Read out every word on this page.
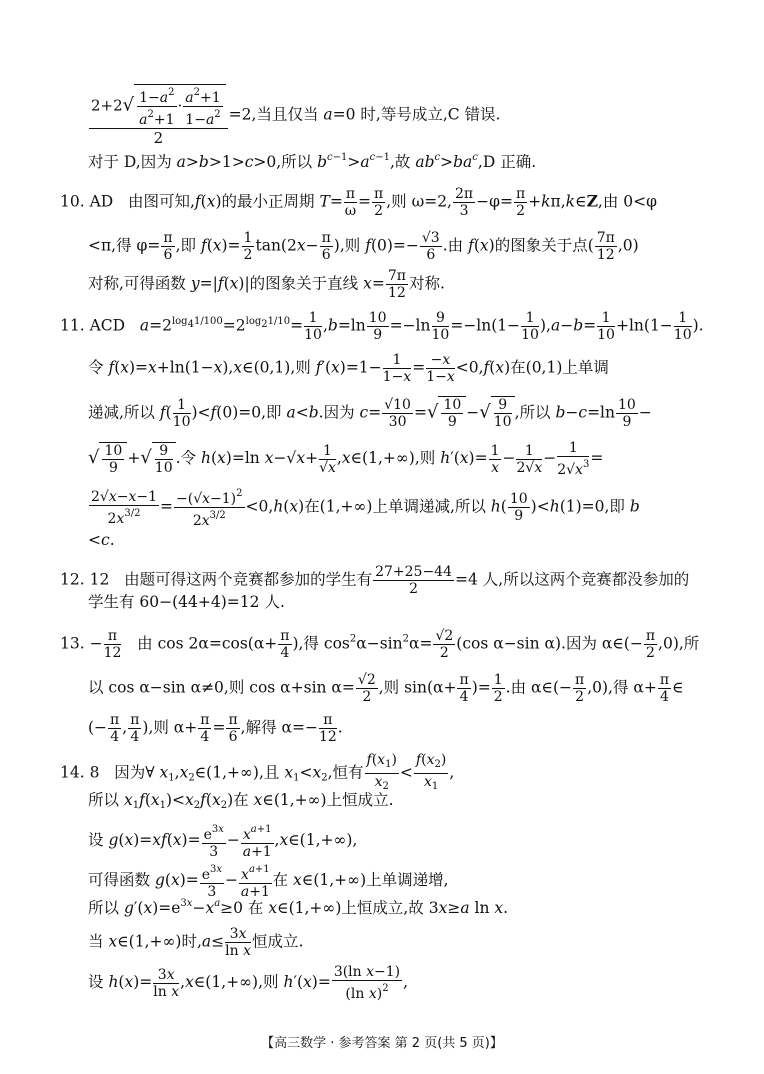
$\frac{2+2√ \frac{1-a^2}{a^2+1} \cdot \frac{a^2+1}{1-a^2}}{2} =2$,当且仅当 a=0 时,等号成立,C 错误.
对于 D,因为 a>b>1>c>0,所以 $b^{c-1}>a^{c-1}$,故 $ab^c>ba^c,D$ 正确.
10. AD   由图可知,f(x)的最小正周期 $T= \frac{\pi}{\omega} = \frac{\pi}{2}$ ,则 ω=2, $\frac{2\pi}{3} -\varphi= \frac{\pi}{2}$ +kπ,k∈Z,由 0<φ
<π,得 $\varphi= \frac{\pi}{6}$ ,即 $f(x)= \frac{1}{2} \tan(2x- \frac{\pi}{6}$ ),则 $f(0)=- \frac{√3}{6}$ .由 f(x)的图象关于点( $\frac{7\pi}{12} ,0$)
对称,可得函数 y=|f(x)|的图象关于直线 $x= \frac{7\pi}{12}$ 对称.
11. ACD   $a=2^{log41/100}=2^{log21/10}= \frac{1}{10} ,b=\ln \frac{10}{9} =-\ln \frac{9}{10} =-\ln(1- \frac{1}{10} ),a-b= \frac{1}{10} +\ln(1- \frac{1}{10}$ ).
令 f(x)=x+ln(1−x),x∈(0,1),则 $f'(x)=1- \frac{1}{1-x} = \frac{-x}{1-x} <0,f(x)$在(0,1)上单调
递减,所以 $f( \frac{1}{10} )<f(0)=0$,即 a<b.因为 $c= \frac{√10}{30}$ =√ $\frac{10}{9}$ −√ $\frac{9}{10}$ ,所以 $b-c=\ln \frac{10}{9}$ −
√ $\frac{10}{9}$ +√ $\frac{9}{10}$ .令 h(x)=ln $x-√x+ \frac{1}{√x}$ ,x∈(1,+∞),则 $h'(x)= \frac{1}{x} - \frac{1}{2√x} - \frac{1}{2√x^3}$ =
$\frac{2√x-x-1}{2x^{3/2}} = \frac{-(√x-1)^2}{2x^{3/2}} <0,h(x)$在(1,+∞)上单调递减,所以 $h( \frac{10}{9} )<h(1)=0$,即 b
<c.
12. 12   由题可得这两个竞赛都参加的学生有 $\frac{27+25-44}{2} =4$ 人,所以这两个竞赛都没参加的
学生有 60−(44+4)=12 人.
13. − $\frac{\pi}{12}$ 由 $\cos 2\alpha=\cos(\alpha+ \frac{\pi}{4}$ ),得 $\cos^2\alpha-\sin^2\alpha= \frac{√2}{2} (\cos$ α−sin α).因为 α∈(− $\frac{\pi}{2} ,0$),所
以 cos α−sin α≠0,则 cos α+sin $\alpha= \frac{√2}{2}$ ,则 $\sin(\alpha+ \frac{\pi}{4}$ )= $\frac{1}{2}$ .由 α∈(− $\frac{\pi}{2} ,0$),得 $\alpha+ \frac{\pi}{4}$ ∈
(− $\frac{\pi}{4}$ , $\frac{\pi}{4}$ ),则 $\alpha+ \frac{\pi}{4} = \frac{\pi}{6}$ ,解得 $\alpha=- \frac{\pi}{12}$ .
14. 8   因为∀ $x_1,x_2\in(1,+\infty)$,且 $x_1<x_2$,恒有 $\frac{f(x_1)}{x_2} < \frac{f(x_2)}{x_1}$ ,
所以 $x_1f(x_1)<x_2f(x_2)$在 x∈(1,+∞)上恒成立.
设 $g(x)=xf(x)= \frac{e^{3x}}{3} - \frac{x^{a+1}}{a+1}$ ,x∈(1,+∞),
可得函数 $g(x)= \frac{e^{3x}}{3} - \frac{x^{a+1}}{a+1}$ 在 x∈(1,+∞)上单调递增,
所以 $g'(x)=e^{3x}-x^a\ge 0$ 在 x∈(1,+∞)上恒成立,故 3x≥a ln x.
当 x∈(1,+∞)时$,a\le \frac{3x}{\text{ln x}}$ 恒成立.
设 $h(x)= \frac{3x}{\text{ln x}}$ ,x∈(1,+∞),则 $h'(x)= \frac{\text{3(ln x−1)}}{(\ln x)^2}$ ,
【高三数学 · 参考答案 第 2 页(共 5 页)】
